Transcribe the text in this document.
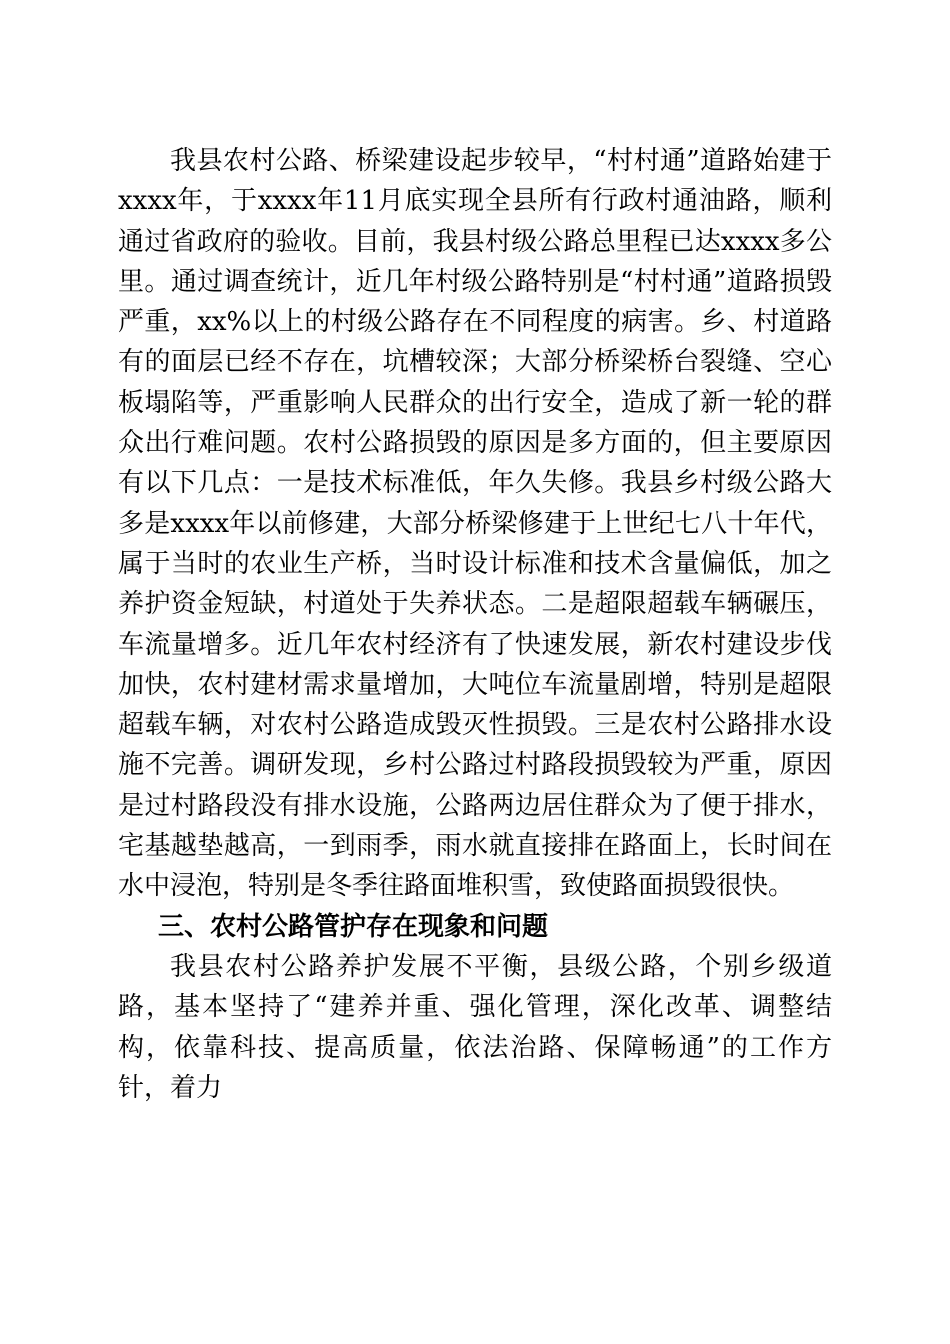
我县农村公路、桥梁建设起步较早，“村村通”道路始建于xxxx年，于xxxx年11月底实现全县所有行政村通油路，顺利通过省政府的验收。目前，我县村级公路总里程已达xxxx多公里。通过调查统计，近几年村级公路特别是“村村通”道路损毁严重，xx%以上的村级公路存在不同程度的病害。乡、村道路有的面层已经不存在，坑槽较深；大部分桥梁桥台裂缝、空心板塌陷等，严重影响人民群众的出行安全，造成了新一轮的群众出行难问题。农村公路损毁的原因是多方面的，但主要原因有以下几点：一是技术标准低，年久失修。我县乡村级公路大多是xxxx年以前修建，大部分桥梁修建于上世纪七八十年代，属于当时的农业生产桥，当时设计标准和技术含量偏低，加之养护资金短缺，村道处于失养状态。二是超限超载车辆碾压，车流量增多。近几年农村经济有了快速发展，新农村建设步伐加快，农村建材需求量增加，大吨位车流量剧增，特别是超限超载车辆，对农村公路造成毁灭性损毁。三是农村公路排水设施不完善。调研发现，乡村公路过村路段损毁较为严重，原因是过村路段没有排水设施，公路两边居住群众为了便于排水，宅基越垫越高，一到雨季，雨水就直接排在路面上，长时间在水中浸泡，特别是冬季往路面堆积雪，致使路面损毁很快。

三、农村公路管护存在现象和问题

我县农村公路养护发展不平衡，县级公路，个别乡级道路，基本坚持了“建养并重、强化管理，深化改革、调整结构，依靠科技、提高质量，依法治路、保障畅通”的工作方针，着力
